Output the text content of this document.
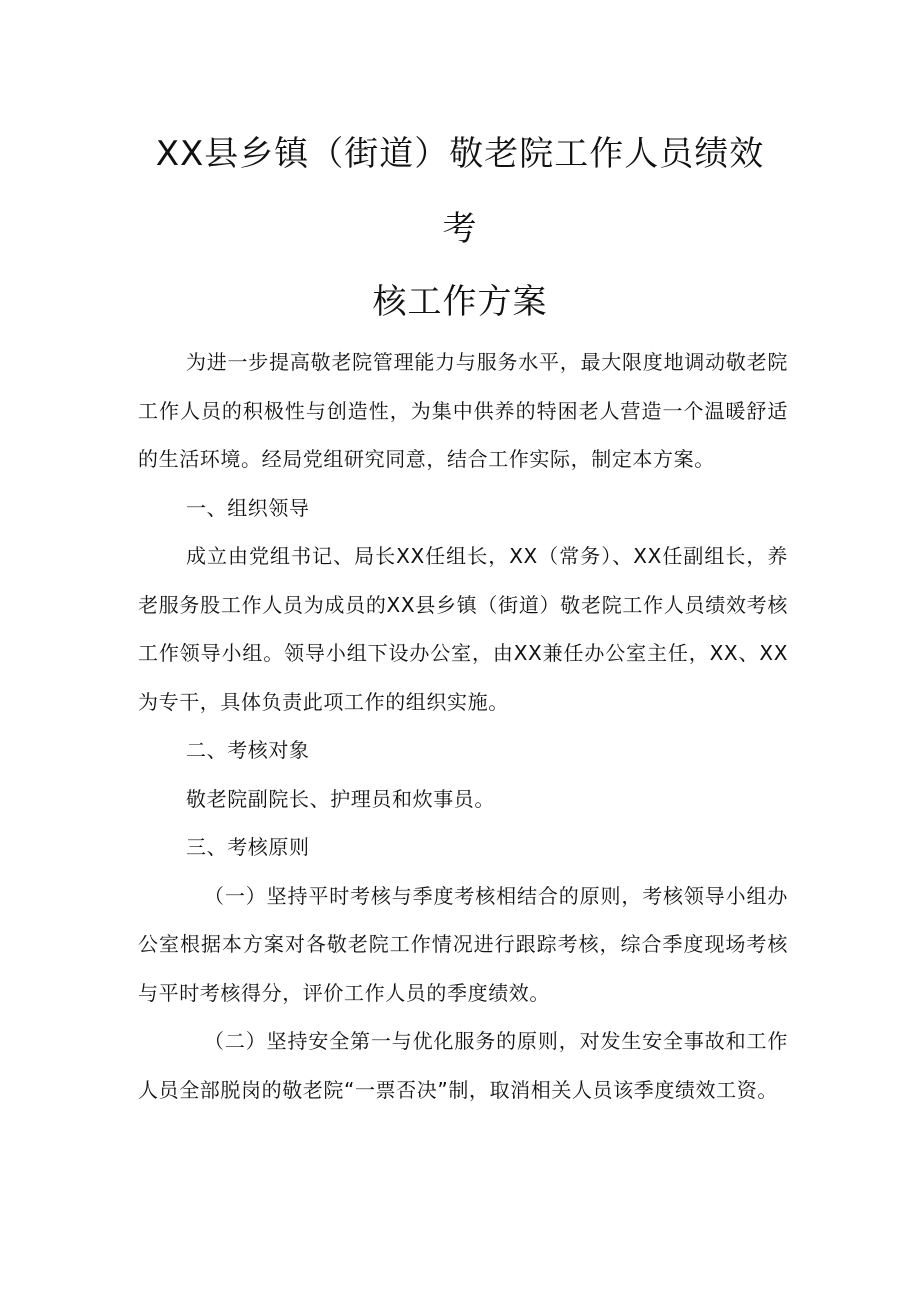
XX县乡镇（街道）敬老院工作人员绩效
考
核工作方案

为进一步提高敬老院管理能力与服务水平，最大限度地调动敬老院工作人员的积极性与创造性，为集中供养的特困老人营造一个温暖舒适的生活环境。经局党组研究同意，结合工作实际，制定本方案。

一、组织领导

成立由党组书记、局长XX任组长，XX（常务）、XX任副组长，养老服务股工作人员为成员的XX县乡镇（街道）敬老院工作人员绩效考核工作领导小组。领导小组下设办公室，由XX兼任办公室主任，XX、XX为专干，具体负责此项工作的组织实施。

二、考核对象

敬老院副院长、护理员和炊事员。

三、考核原则

（一）坚持平时考核与季度考核相结合的原则，考核领导小组办公室根据本方案对各敬老院工作情况进行跟踪考核，综合季度现场考核与平时考核得分，评价工作人员的季度绩效。

（二）坚持安全第一与优化服务的原则，对发生安全事故和工作人员全部脱岗的敬老院“一票否决”制，取消相关人员该季度绩效工资。
